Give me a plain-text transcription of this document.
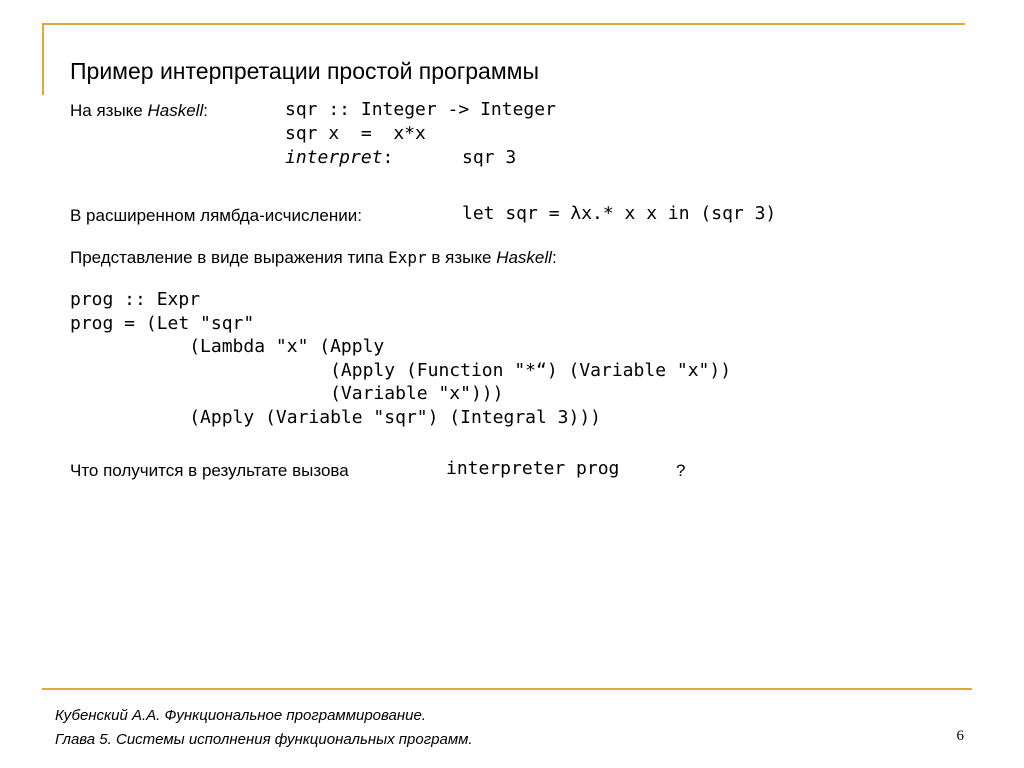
Пример интерпретации простой программы
На языке Haskell:	sqr :: Integer -> Integer
sqr x  =  x*x
interpret:	sqr 3
В расширенном лямбда-исчислении:	let sqr = λx.* x x in (sqr 3)
Представление в виде выражения типа Expr в языке Haskell:
prog :: Expr
prog = (Let "sqr"
(Lambda "x" (Apply
(Apply (Function "*“) (Variable "x"))
(Variable "x")))
(Apply (Variable "sqr") (Integral 3)))
Что получится в результате вызова	interpreter prog	?
Кубенский А.А. Функциональное программирование.
Глава 5. Системы исполнения функциональных программ.	6
